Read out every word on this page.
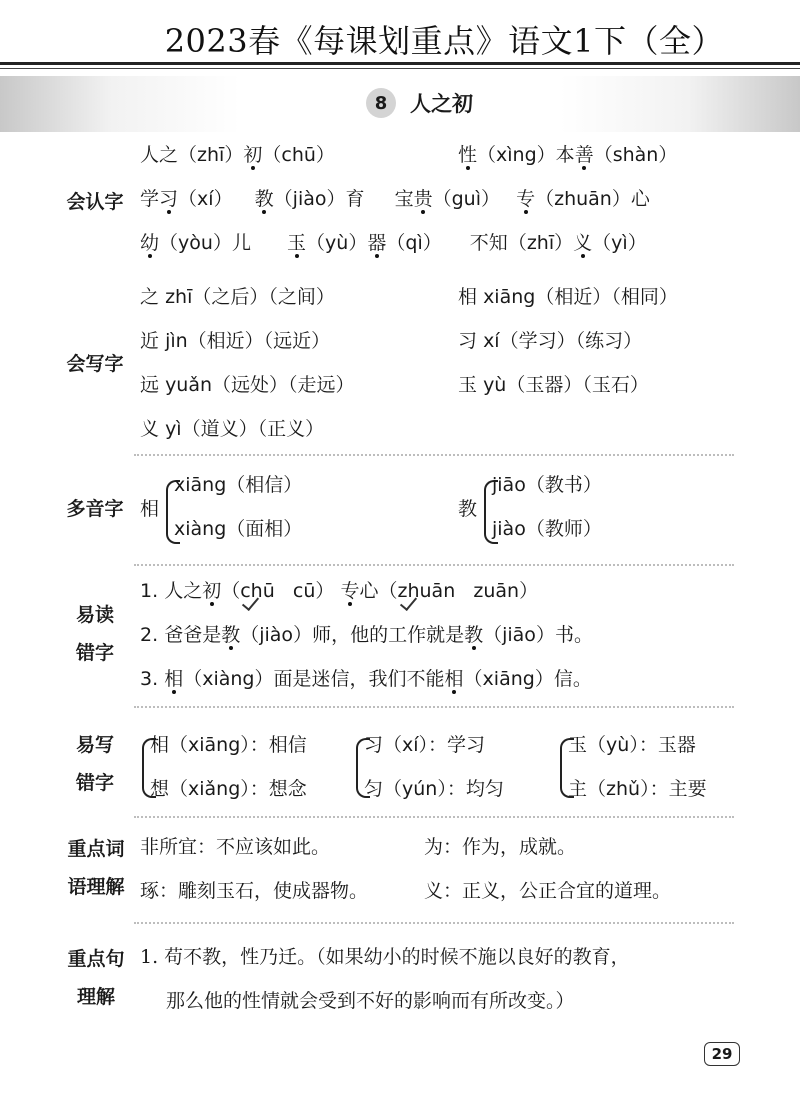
2023春《每课划重点》语文1下（全）
8	人之初
会认字
人之（zhī）初（chū）	性（xìng）本善（shàn）
学习（xí） 教（jiào）育 宝贵（guì） 专（zhuān）心
幼（yòu）儿 玉（yù）器（qì） 不知（zhī）义（yì）
会写字
之 zhī（之后）（之间）	相 xiāng（相近）（相同）
近 jìn（相近）（远近）	习 xí（学习）（练习）
远 yuǎn（远处）（走远）	玉 yù（玉器）（玉石）
义 yì（道义）（正义）
多音字 相
xiāng（相信）
xiàng（面相）
教
jiāo（教书）
jiào（教师）
易读
错字
1. 人之初（chū cū） 专心（zhuān zuān）
2. 爸爸是教（jiào）师，他的工作就是教（jiāo）书。
3. 相（xiàng）面是迷信，我们不能相（xiāng）信。
易写
错字
相（xiāng）：相信
想（xiǎng）：想念
习（xí）：学习
匀（yún）：均匀
玉（yù）：玉器
主（zhǔ）：主要
重点词
语理解
非所宜：不应该如此。	为：作为，成就。
琢：雕刻玉石，使成器物。	义：正义，公正合宜的道理。
重点句
理解
1. 苟不教，性乃迁。（如果幼小的时候不施以良好的教育，
那么他的性情就会受到不好的影响而有所改变。）
29
